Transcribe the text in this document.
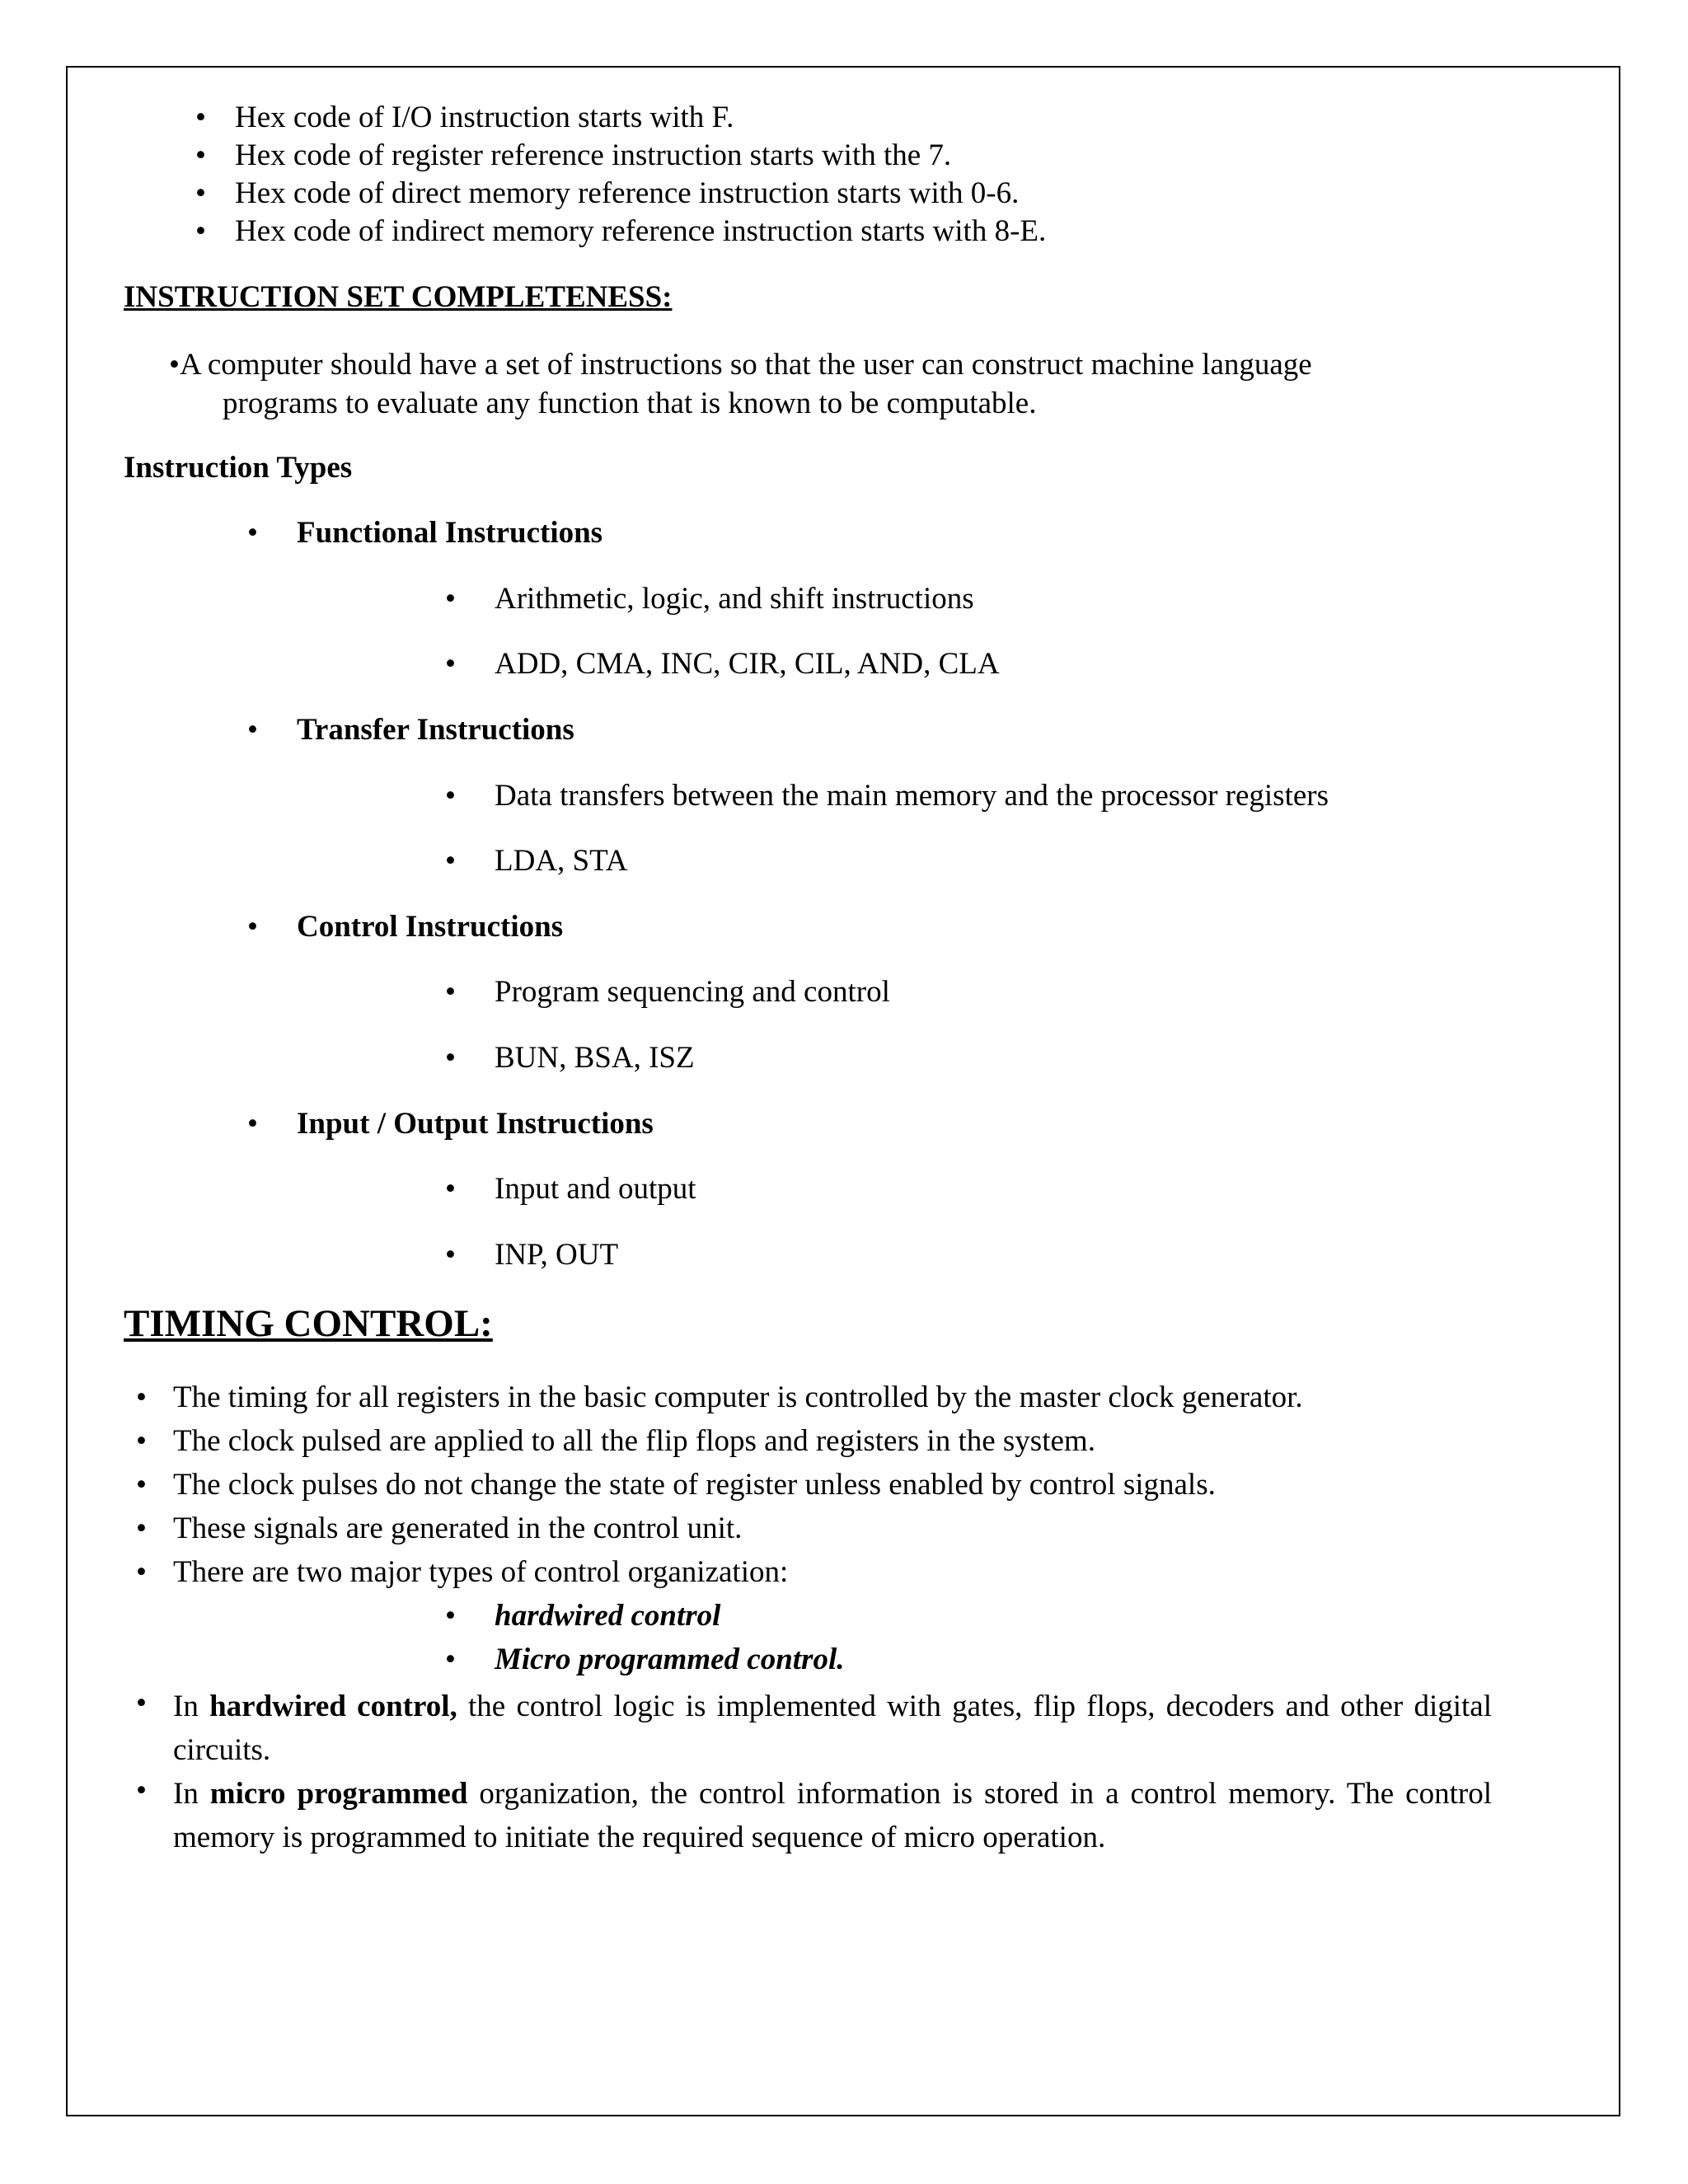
• Hex code of I/O instruction starts with F.
• Hex code of register reference instruction starts with the 7.
• Hex code of direct memory reference instruction starts with 0-6.
• Hex code of indirect memory reference instruction starts with 8-E.
INSTRUCTION SET COMPLETENESS:
•A computer should have a set of instructions so that the user can construct machine language
programs to evaluate any function that is known to be computable.
Instruction Types
• Functional Instructions
• Arithmetic, logic, and shift instructions
• ADD, CMA, INC, CIR, CIL, AND, CLA
• Transfer Instructions
• Data transfers between the main memory and the processor registers
• LDA, STA
• Control Instructions
• Program sequencing and control
• BUN, BSA, ISZ
• Input / Output Instructions
• Input and output
• INP, OUT
TIMING CONTROL:
• The timing for all registers in the basic computer is controlled by the master clock generator.
• The clock pulsed are applied to all the flip flops and registers in the system.
• The clock pulses do not change the state of register unless enabled by control signals.
• These signals are generated in the control unit.
• There are two major types of control organization:
• hardwired control
• Micro programmed control.
• In hardwired control, the control logic is implemented with gates, flip flops, decoders and other digital circuits.
• In micro programmed organization, the control information is stored in a control memory. The control memory is programmed to initiate the required sequence of micro operation.
